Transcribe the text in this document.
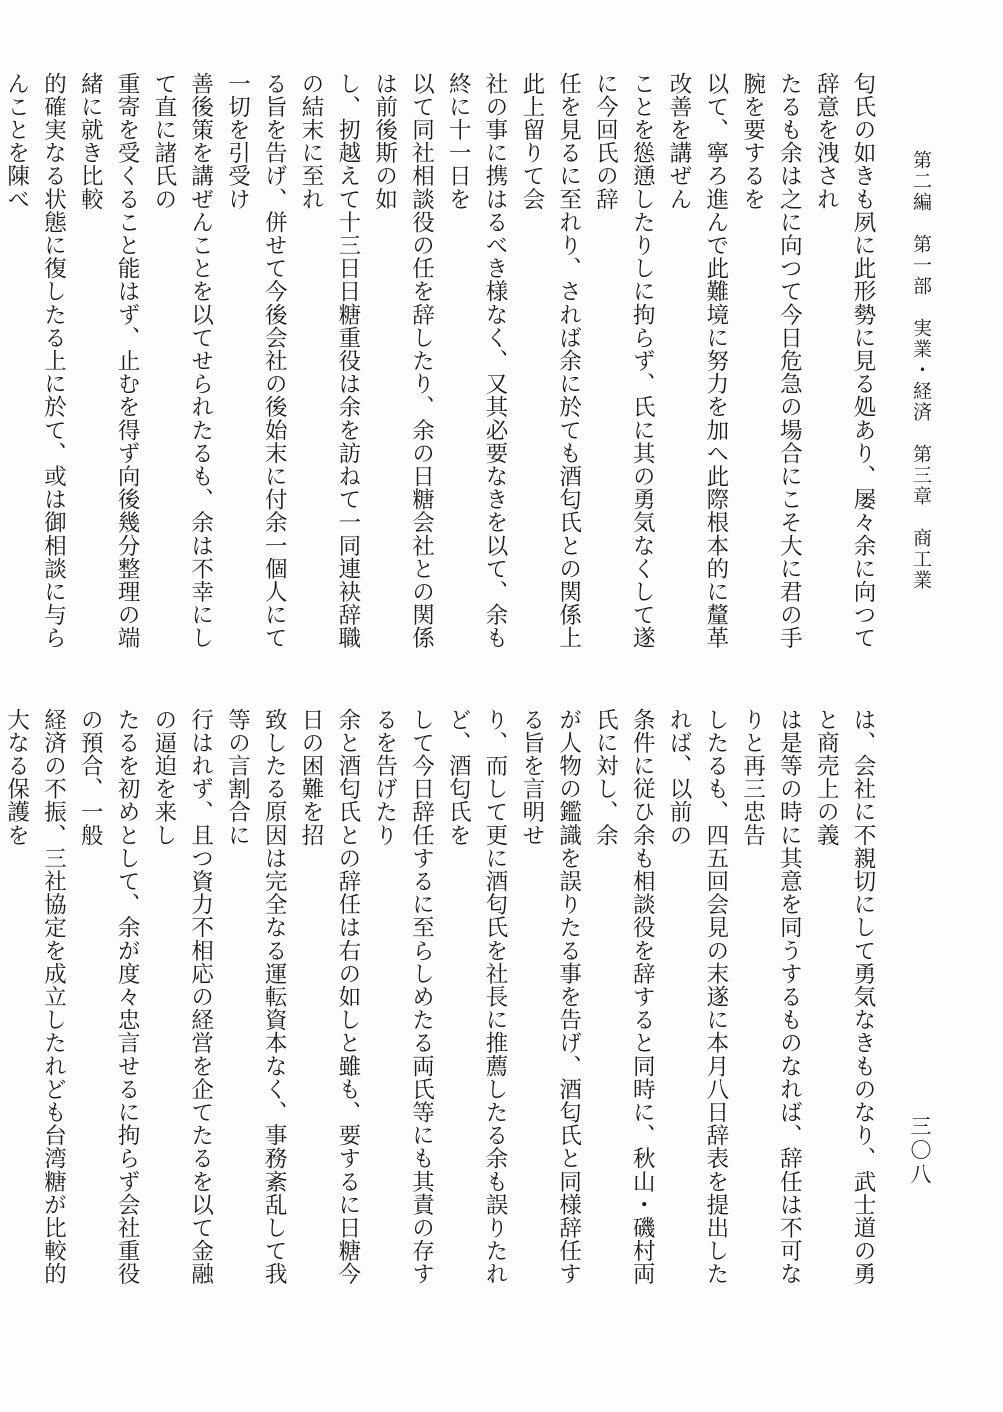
第二編　第一部　実業・経済　第三章　商工業
三〇八

匂氏の如きも夙に此形勢に見る処あり、屡々余に向つて辞意を洩され

たるも余は之に向つて今日危急の場合にこそ大に君の手腕を要するを

以て、寧ろ進んで此難境に努力を加へ此際根本的に釐革改善を講ぜん

ことを慫慂したりしに拘らず、氏に其の勇気なくして遂に今回氏の辞

任を見るに至れり、されば余に於ても酒匂氏との関係上此上留りて会

社の事に携はるべき様なく、又其必要なきを以て、余も終に十一日を

以て同社相談役の任を辞したり、余の日糖会社との関係は前後斯の如

し、扨越えて十三日日糖重役は余を訪ねて一同連袂辞職の結末に至れ

る旨を告げ、併せて今後会社の後始末に付余一個人にて一切を引受け

善後策を講ぜんことを以てせられたるも、余は不幸にして直に諸氏の

重寄を受くること能はず、止むを得ず向後幾分整理の端緒に就き比較

的確実なる状態に復したる上に於て、或は御相談に与らんことを陳べ

は、会社に不親切にして勇気なきものなり、武士道の勇と商売上の義

は是等の時に其意を同うするものなれば、辞任は不可なりと再三忠告

したるも、四五回会見の末遂に本月八日辞表を提出したれば、以前の

条件に従ひ余も相談役を辞すると同時に、秋山・磯村両氏に対し、余

が人物の鑑識を誤りたる事を告げ、酒匂氏と同様辞任する旨を言明せ

り、而して更に酒匂氏を社長に推薦したる余も誤りたれど、酒匂氏を

して今日辞任するに至らしめたる両氏等にも其責の存するを告げたり

余と酒匂氏との辞任は右の如しと雖も、要するに日糖今日の困難を招

致したる原因は完全なる運転資本なく、事務紊乱して我等の言割合に

行はれず、且つ資力不相応の経営を企てたるを以て金融の逼迫を来し

たるを初めとして、余が度々忠言せるに拘らず会社重役の預合、一般

経済の不振、三社協定を成立したれども台湾糖が比較的大なる保護を
